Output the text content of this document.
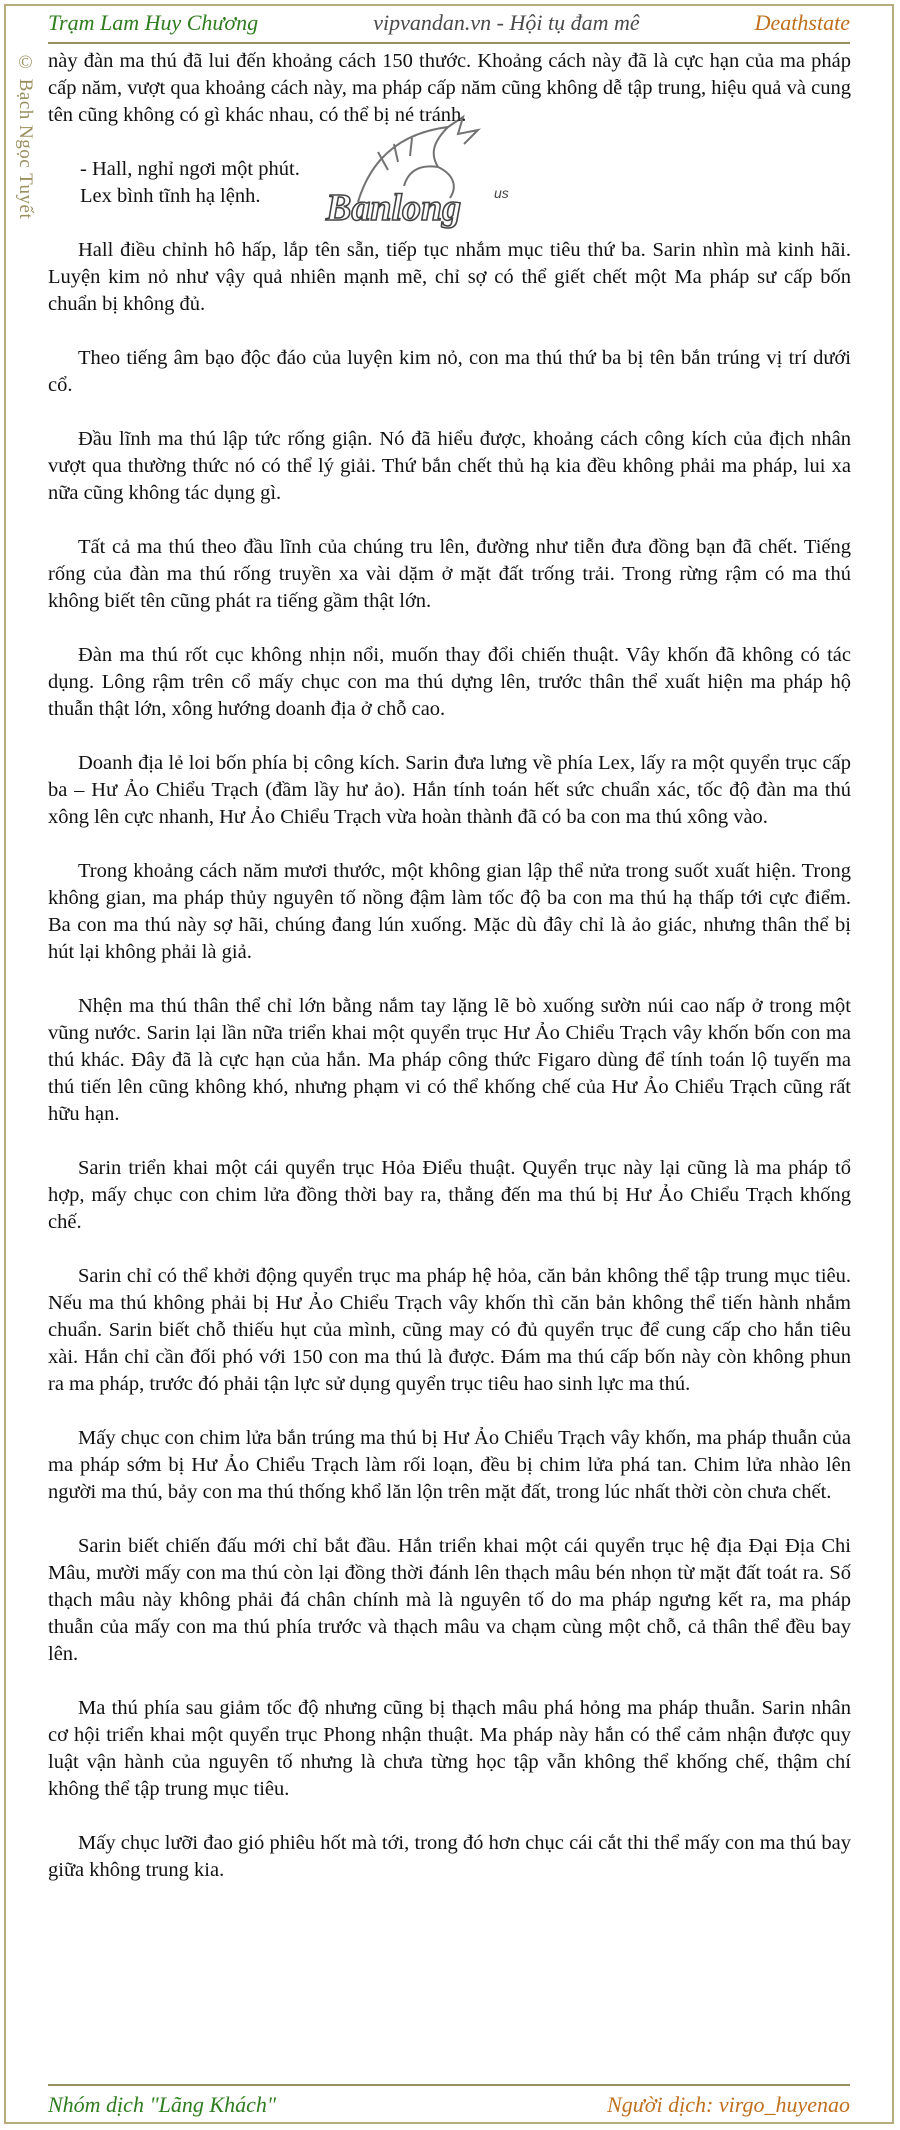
Trạm Lam Huy Chương	vipvandan.vn - Hội tụ đam mê	Deathstate
© Bạch Ngọc Tuyết này đàn ma thú đã lui đến khoảng cách 150 thước. Khoảng cách này đã là cực hạn của ma pháp cấp năm, vượt qua khoảng cách này, ma pháp cấp năm cũng không dễ tập trung, hiệu quả và cung tên cũng không có gì khác nhau, có thể bị né tránh.

- Hall, nghỉ ngơi một phút.
Lex bình tĩnh hạ lệnh.

Hall điều chỉnh hô hấp, lắp tên sẵn, tiếp tục nhắm mục tiêu thứ ba. Sarin nhìn mà kinh hãi. Luyện kim nỏ như vậy quả nhiên mạnh mẽ, chỉ sợ có thể giết chết một Ma pháp sư cấp bốn chuẩn bị không đủ.

Theo tiếng âm bạo độc đáo của luyện kim nỏ, con ma thú thứ ba bị tên bắn trúng vị trí dưới cổ.

Đầu lĩnh ma thú lập tức rống giận. Nó đã hiểu được, khoảng cách công kích của địch nhân vượt qua thường thức nó có thể lý giải. Thứ bắn chết thủ hạ kia đều không phải ma pháp, lui xa nữa cũng không tác dụng gì.

Tất cả ma thú theo đầu lĩnh của chúng tru lên, đường như tiễn đưa đồng bạn đã chết. Tiếng rống của đàn ma thú rống truyền xa vài dặm ở mặt đất trống trải. Trong rừng rậm có ma thú không biết tên cũng phát ra tiếng gầm thật lớn.

Đàn ma thú rốt cục không nhịn nổi, muốn thay đổi chiến thuật. Vây khốn đã không có tác dụng. Lông rậm trên cổ mấy chục con ma thú dựng lên, trước thân thể xuất hiện ma pháp hộ thuẫn thật lớn, xông hướng doanh địa ở chỗ cao.

Doanh địa lẻ loi bốn phía bị công kích. Sarin đưa lưng về phía Lex, lấy ra một quyển trục cấp ba – Hư Ảo Chiểu Trạch (đầm lầy hư ảo). Hắn tính toán hết sức chuẩn xác, tốc độ đàn ma thú xông lên cực nhanh, Hư Ảo Chiểu Trạch vừa hoàn thành đã có ba con ma thú xông vào.

Trong khoảng cách năm mươi thước, một không gian lập thể nửa trong suốt xuất hiện. Trong không gian, ma pháp thủy nguyên tố nồng đậm làm tốc độ ba con ma thú hạ thấp tới cực điểm. Ba con ma thú này sợ hãi, chúng đang lún xuống. Mặc dù đây chỉ là ảo giác, nhưng thân thể bị hút lại không phải là giả.

Nhện ma thú thân thể chỉ lớn bằng nắm tay lặng lẽ bò xuống sườn núi cao nấp ở trong một vũng nước. Sarin lại lần nữa triển khai một quyển trục Hư Ảo Chiểu Trạch vây khốn bốn con ma thú khác. Đây đã là cực hạn của hắn. Ma pháp công thức Figaro dùng để tính toán lộ tuyến ma thú tiến lên cũng không khó, nhưng phạm vi có thể khống chế của Hư Ảo Chiểu Trạch cũng rất hữu hạn.

Sarin triển khai một cái quyển trục Hỏa Điểu thuật. Quyển trục này lại cũng là ma pháp tổ hợp, mấy chục con chim lửa đồng thời bay ra, thẳng đến ma thú bị Hư Ảo Chiểu Trạch khống chế.

Sarin chỉ có thể khởi động quyển trục ma pháp hệ hỏa, căn bản không thể tập trung mục tiêu. Nếu ma thú không phải bị Hư Ảo Chiểu Trạch vây khốn thì căn bản không thể tiến hành nhắm chuẩn. Sarin biết chỗ thiếu hụt của mình, cũng may có đủ quyển trục để cung cấp cho hắn tiêu xài. Hắn chỉ cần đối phó với 150 con ma thú là được. Đám ma thú cấp bốn này còn không phun ra ma pháp, trước đó phải tận lực sử dụng quyển trục tiêu hao sinh lực ma thú.

Mấy chục con chim lửa bắn trúng ma thú bị Hư Ảo Chiểu Trạch vây khốn, ma pháp thuẫn của ma pháp sớm bị Hư Ảo Chiểu Trạch làm rối loạn, đều bị chim lửa phá tan. Chim lửa nhào lên người ma thú, bảy con ma thú thống khổ lăn lộn trên mặt đất, trong lúc nhất thời còn chưa chết.

Sarin biết chiến đấu mới chỉ bắt đầu. Hắn triển khai một cái quyển trục hệ địa Đại Địa Chi Mâu, mười mấy con ma thú còn lại đồng thời đánh lên thạch mâu bén nhọn từ mặt đất toát ra. Số thạch mâu này không phải đá chân chính mà là nguyên tố do ma pháp ngưng kết ra, ma pháp thuẫn của mấy con ma thú phía trước và thạch mâu va chạm cùng một chỗ, cả thân thể đều bay lên.

Ma thú phía sau giảm tốc độ nhưng cũng bị thạch mâu phá hỏng ma pháp thuẫn. Sarin nhân cơ hội triển khai một quyển trục Phong nhận thuật. Ma pháp này hắn có thể cảm nhận được quy luật vận hành của nguyên tố nhưng là chưa từng học tập vẫn không thể khống chế, thậm chí không thể tập trung mục tiêu.

Mấy chục lưỡi đao gió phiêu hốt mà tới, trong đó hơn chục cái cắt thi thể mấy con ma thú bay giữa không trung kia.

Banlong us
Nhóm dịch "Lãng Khách"	Người dịch: virgo_huyenao
